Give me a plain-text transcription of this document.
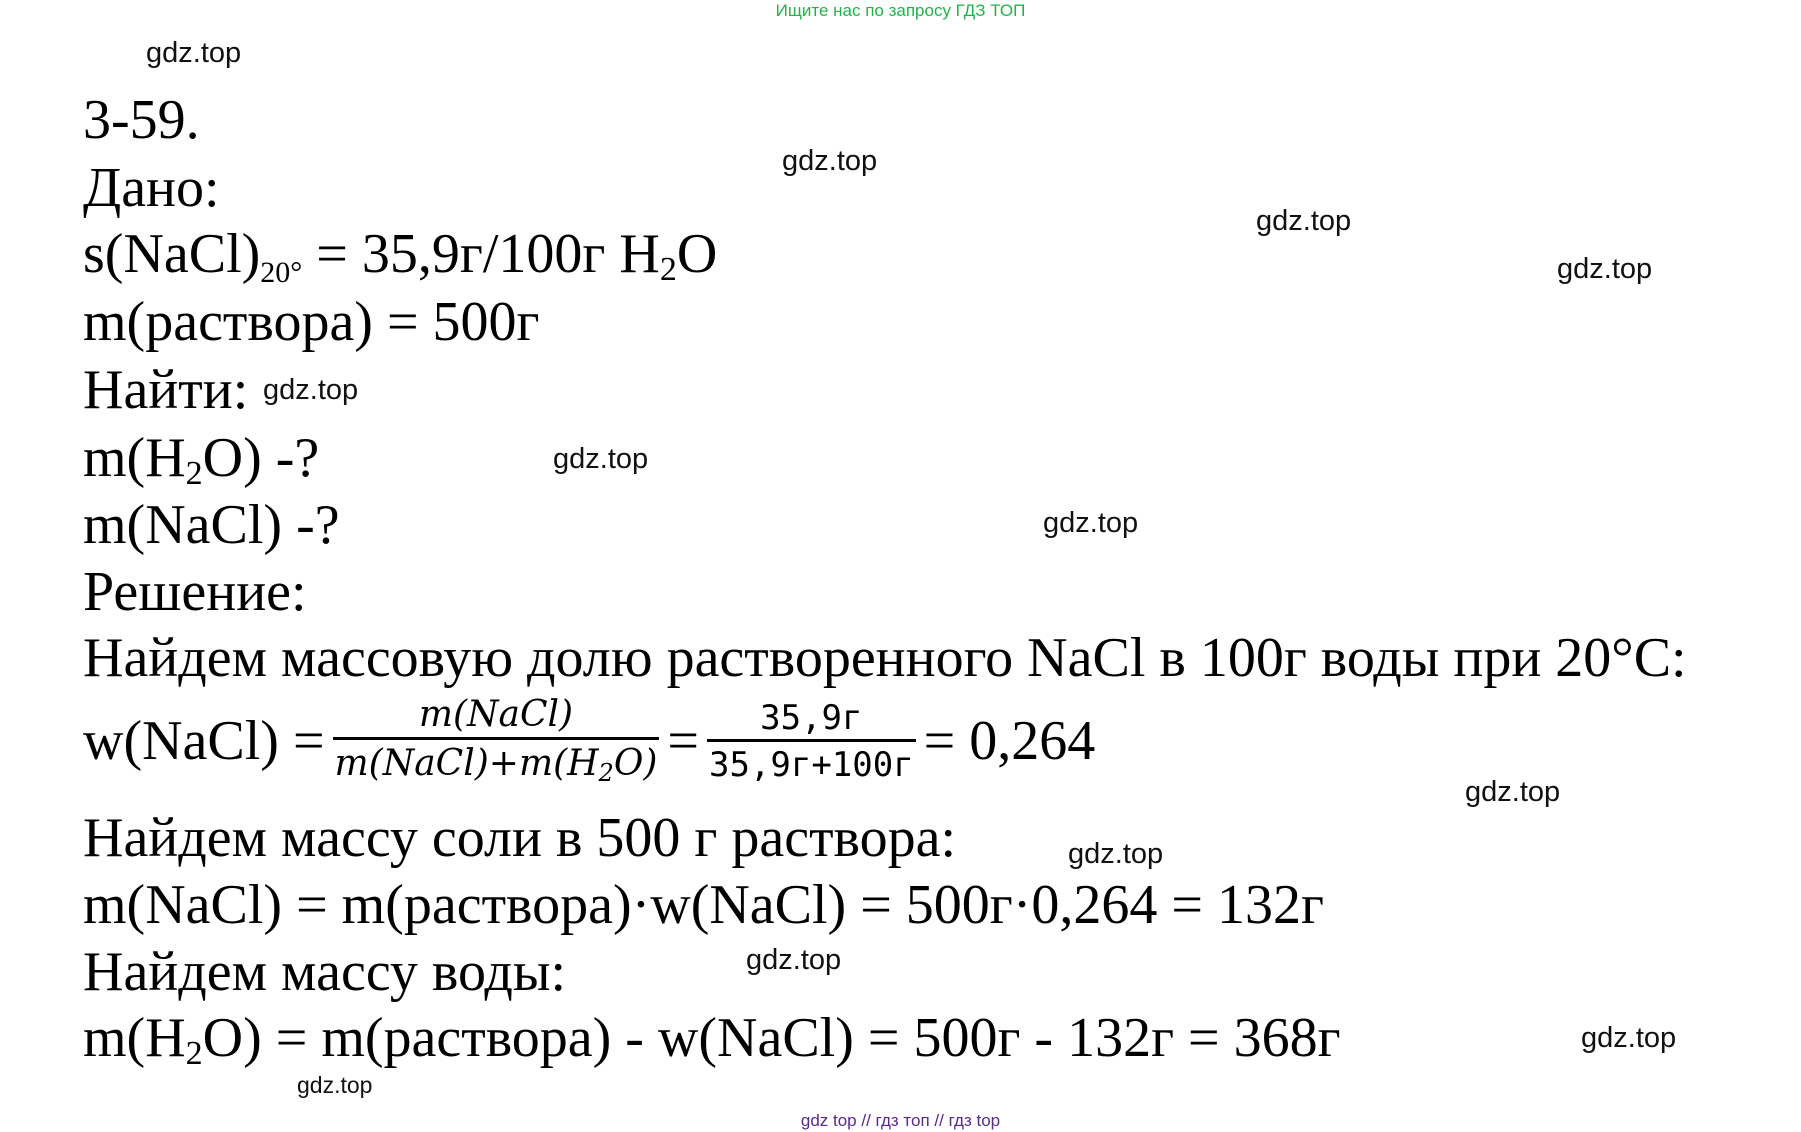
Ищите нас по запросу ГДЗ ТОП
3-59.
Дано:
s(NaCl)20° = 35,9г/100г $H_2O$
m(раствора) = 500г
Найти:
$m(H_2O)$ -?
m(NaCl) -?
Решение:
Найдем массовую долю растворенного NaCl в 100г воды при 20°C:
w(NaCl) = $\frac{\text{m(NaCl)}}{\text{m(NaCl)+m(H2O)}} = \frac{35,9г}{35,9г+100г} = 0,264$
Найдем массу соли в 500 г раствора:
m(NaCl) = m(раствора)·w(NaCl) = 500г·0,264 = 132г
Найдем массу воды:
$m(H_2O)$ = m(раствора) - w(NaCl) = 500г - 132г = 368г
gdz.top
gdz.top
gdz.top
gdz.top
gdz.top
gdz.top
gdz.top
gdz.top
gdz.top
gdz.top
gdz.top
gdz.top
gdz top // гдз топ // гдз top
